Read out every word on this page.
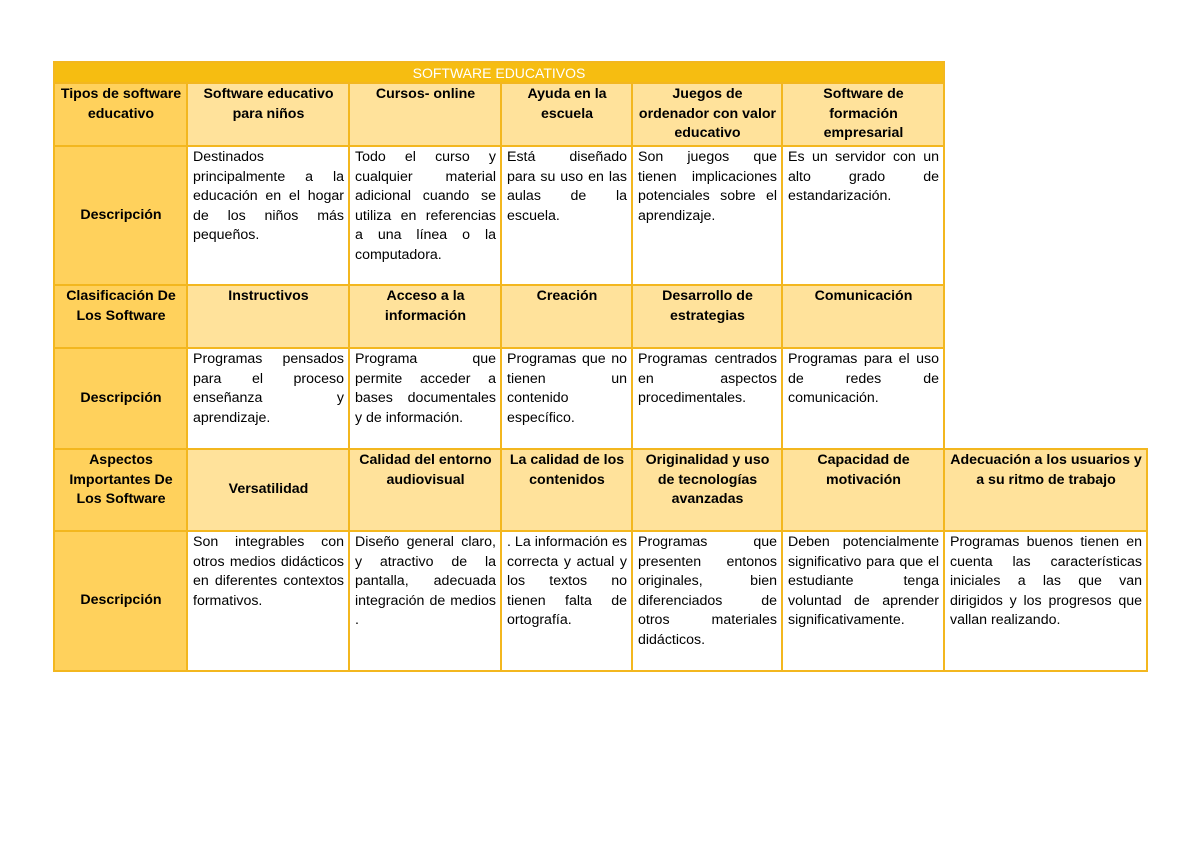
SOFTWARE EDUCATIVOS						
Tipos de software educativo	Software educativo para niños	Cursos- online	Ayuda en la escuela	Juegos de ordenador con valor educativo	Software de formación empresarial	
Descripción	Destinados principalmente a la educación en el hogar de los niños más pequeños.	Todo el curso y cualquier material adicional cuando se utiliza en referencias a una línea o la computadora.	Está diseñado para su uso en las aulas de la escuela.	Son juegos que tienen implicaciones potenciales sobre el aprendizaje.	Es un servidor con un alto grado de estandarización.	
Clasificación De Los Software	Instructivos	Acceso a la información	Creación	Desarrollo de estrategias	Comunicación	
Descripción	Programas pensados para el proceso enseñanza y aprendizaje.	Programa que permite acceder a bases documentales y de información.	Programas que no tienen un contenido específico.	Programas centrados en aspectos procedimentales.	Programas para el uso de redes de comunicación.	
Aspectos Importantes De Los Software	Versatilidad	Calidad del entorno audiovisual	La calidad de los contenidos	Originalidad y uso de tecnologías avanzadas	Capacidad de motivación	Adecuación a los usuarios y a su ritmo de trabajo
Descripción	Son integrables con otros medios didácticos en diferentes contextos formativos.	Diseño general claro, y atractivo de la pantalla, adecuada integración de medios .	. La información es correcta y actual y los textos no tienen falta de ortografía.	Programas que presenten entonos originales, bien diferenciados de otros materiales didácticos.	Deben potencialmente significativo para que el estudiante tenga voluntad de aprender significativamente.	Programas buenos tienen en cuenta las características iniciales a las que van dirigidos y los progresos que vallan realizando.
